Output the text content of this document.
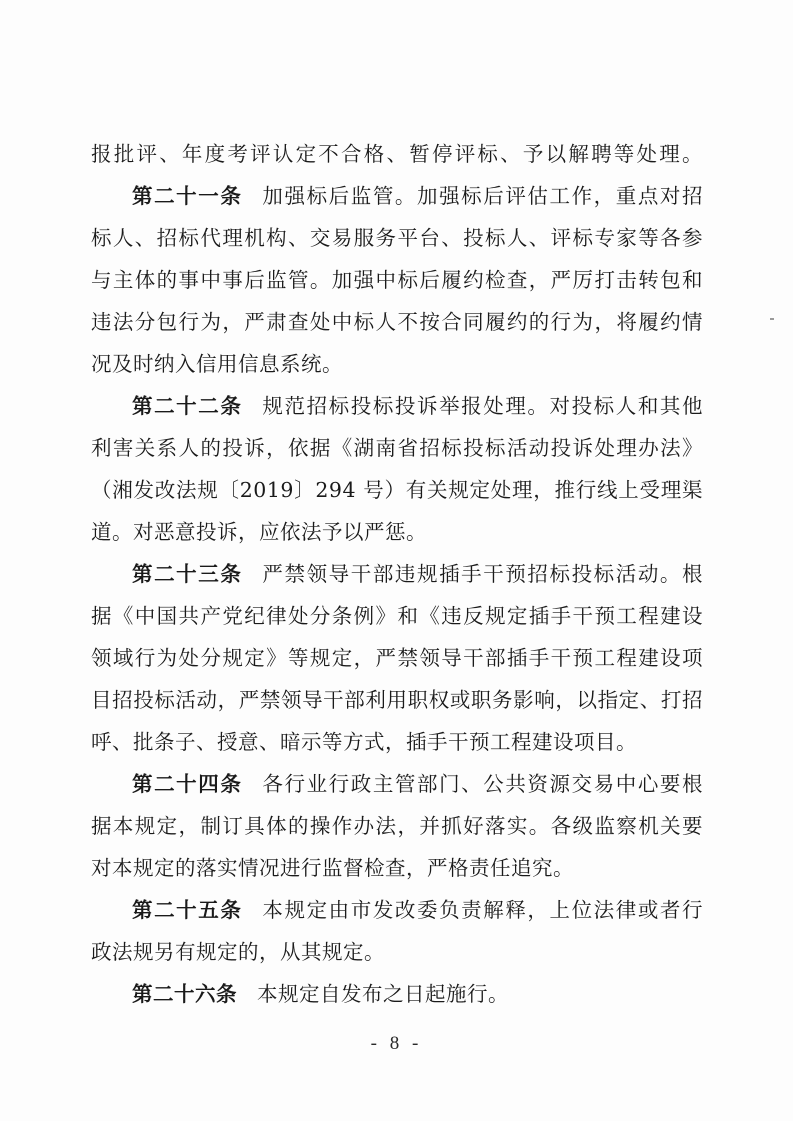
报批评、年度考评认定不合格、暂停评标、予以解聘等处理。
第二十一条 加强标后监管。加强标后评估工作，重点对招
标人、招标代理机构、交易服务平台、投标人、评标专家等各参
与主体的事中事后监管。加强中标后履约检查，严厉打击转包和
违法分包行为，严肃查处中标人不按合同履约的行为，将履约情
况及时纳入信用信息系统。
第二十二条 规范招标投标投诉举报处理。对投标人和其他
利害关系人的投诉，依据《湖南省招标投标活动投诉处理办法》
（湘发改法规〔2019〕294 号）有关规定处理，推行线上受理渠
道。对恶意投诉，应依法予以严惩。
第二十三条 严禁领导干部违规插手干预招标投标活动。根
据《中国共产党纪律处分条例》和《违反规定插手干预工程建设
领域行为处分规定》等规定，严禁领导干部插手干预工程建设项
目招投标活动，严禁领导干部利用职权或职务影响，以指定、打招
呼、批条子、授意、暗示等方式，插手干预工程建设项目。
第二十四条 各行业行政主管部门、公共资源交易中心要根
据本规定，制订具体的操作办法，并抓好落实。各级监察机关要
对本规定的落实情况进行监督检查，严格责任追究。
第二十五条 本规定由市发改委负责解释，上位法律或者行
政法规另有规定的，从其规定。
第二十六条 本规定自发布之日起施行。
- 8 -
